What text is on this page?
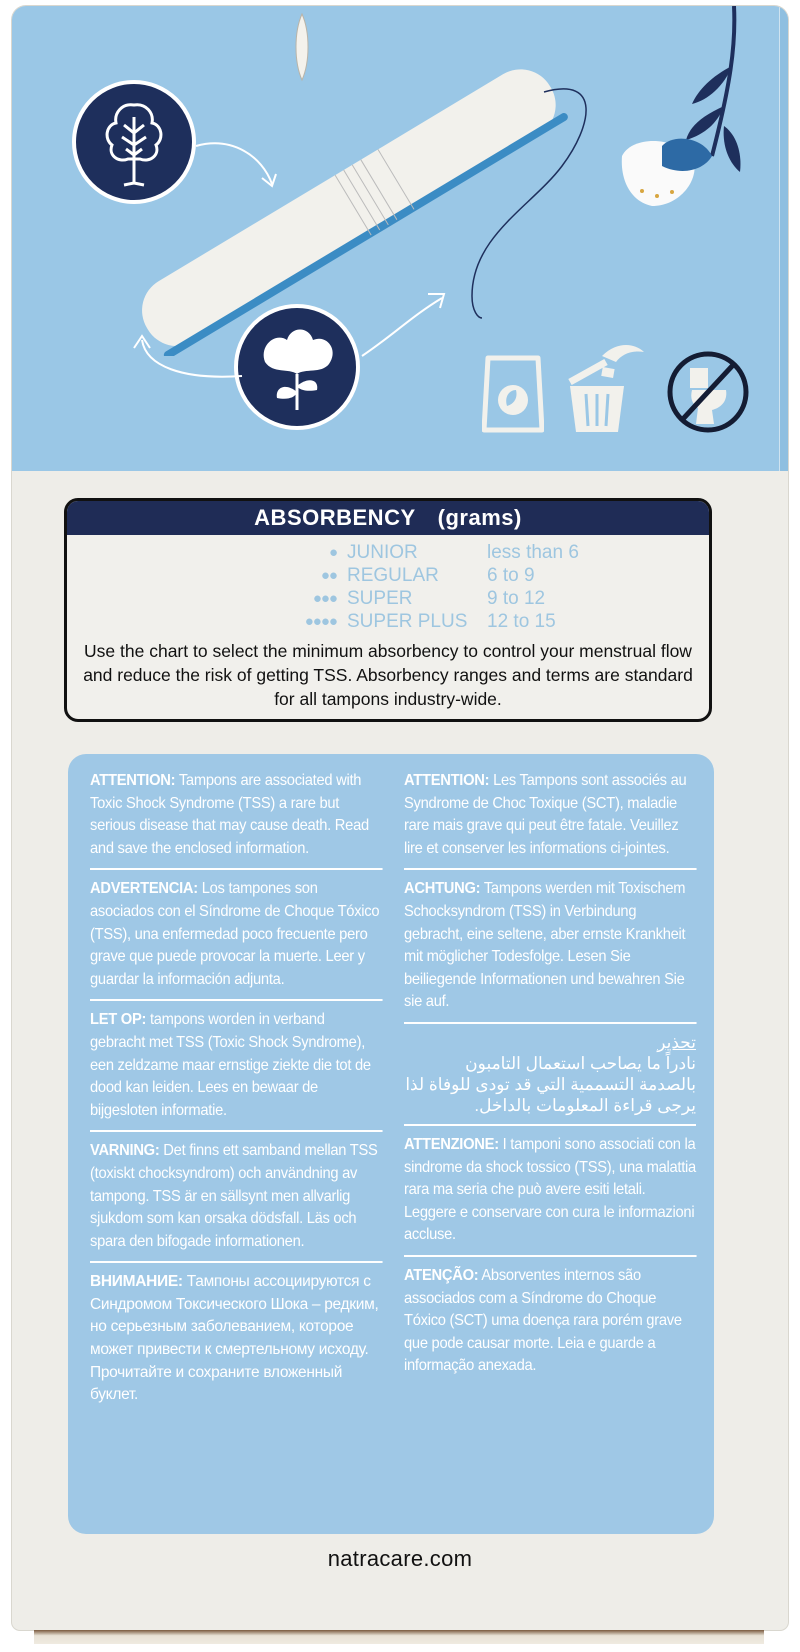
ABSORBENCY (grams)
● JUNIOR	less than 6
●● REGULAR	6 to 9
●●● SUPER	9 to 12
●●●● SUPER PLUS	12 to 15
Use the chart to select the minimum absorbency to control your menstrual flow and reduce the risk of getting TSS. Absorbency ranges and terms are standard for all tampons industry-wide.
ATTENTION: Tampons are associated with Toxic Shock Syndrome (TSS) a rare but serious disease that may cause death. Read and save the enclosed information.
ADVERTENCIA: Los tampones son asociados con el Síndrome de Choque Tóxico (TSS), una enfermedad poco frecuente pero grave que puede provocar la muerte. Leer y guardar la información adjunta.
LET OP: tampons worden in verband gebracht met TSS (Toxic Shock Syndrome), een zeldzame maar ernstige ziekte die tot de dood kan leiden. Lees en bewaar de bijgesloten informatie.
VARNING: Det finns ett samband mellan TSS (toxiskt chocksyndrom) och användning av tampong. TSS är en sällsynt men allvarlig sjukdom som kan orsaka dödsfall. Läs och spara den bifogade informationen.
ВНИМАНИЕ: Тампоны ассоциируются с Синдромом Токсического Шока – редким, но серьезным заболеванием, которое может привести к смертельному исходу. Прочитайте и сохраните вложенный буклет.
ATTENTION: Les Tampons sont associés au Syndrome de Choc Toxique (SCT), maladie rare mais grave qui peut être fatale. Veuillez lire et conserver les informations ci-jointes.
ACHTUNG: Tampons werden mit Toxischem Schocksyndrom (TSS) in Verbindung gebracht, eine seltene, aber ernste Krankheit mit möglicher Todesfolge. Lesen Sie beiliegende Informationen und bewahren Sie sie auf.
تحذير
نادراً ما يصاحب استعمال التامبون بالصدمة التسممية التي قد تودى للوفاة لذا يرجى قراءة المعلومات بالداخل.
ATTENZIONE: I tamponi sono associati con la sindrome da shock tossico (TSS), una malattia rara ma seria che può avere esiti letali. Leggere e conservare con cura le informazioni accluse.
ATENÇÃO: Absorventes internos são associados com a Síndrome do Choque Tóxico (SCT) uma doença rara porém grave que pode causar morte. Leia e guarde a informação anexada.
natracare.com
